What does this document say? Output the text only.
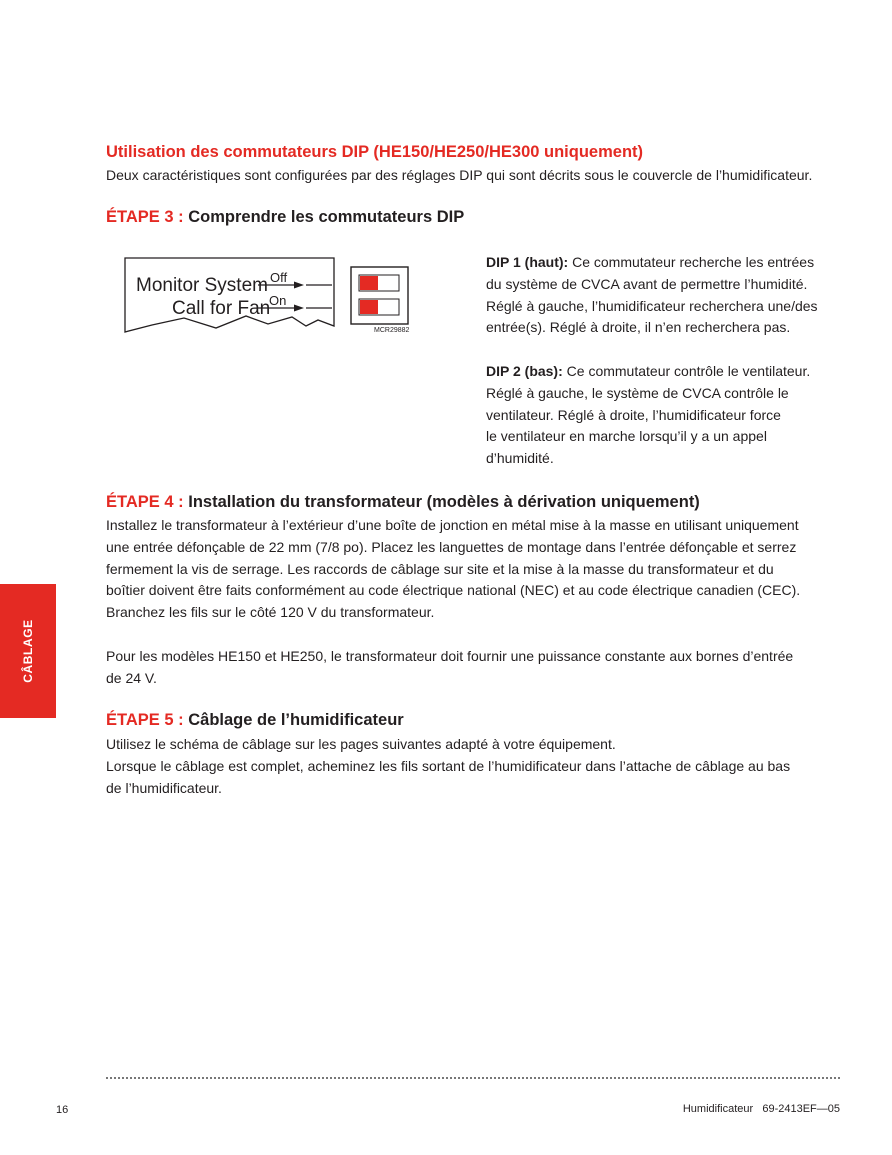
Utilisation des commutateurs DIP (HE150/HE250/HE300 uniquement)
Deux caractéristiques sont configurées par des réglages DIP qui sont décrits sous le couvercle de l’humidificateur.
ÉTAPE 3 : Comprendre les commutateurs DIP
Monitor System
Call for Fan
Off
On
MCR29882
DIP 1 (haut): Ce commutateur recherche les entrées
du système de CVCA avant de permettre l’humidité.
Réglé à gauche, l’humidificateur recherchera une/des
entrée(s). Réglé à droite, il n’en recherchera pas.
DIP 2 (bas): Ce commutateur contrôle le ventilateur.
Réglé à gauche, le système de CVCA contrôle le
ventilateur. Réglé à droite, l’humidificateur force
le ventilateur en marche lorsqu’il y a un appel
d’humidité.
ÉTAPE 4 : Installation du transformateur (modèles à dérivation uniquement)
Installez le transformateur à l’extérieur d’une boîte de jonction en métal mise à la masse en utilisant uniquement
une entrée défonçable de 22 mm (7/8 po). Placez les languettes de montage dans l’entrée défonçable et serrez
fermement la vis de serrage. Les raccords de câblage sur site et la mise à la masse du transformateur et du
boîtier doivent être faits conformément au code électrique national (NEC) et au code électrique canadien (CEC).
Branchez les fils sur le côté 120 V du transformateur.
Pour les modèles HE150 et HE250, le transformateur doit fournir une puissance constante aux bornes d’entrée
de 24 V.
ÉTAPE 5 : Câblage de l’humidificateur
Utilisez le schéma de câblage sur les pages suivantes adapté à votre équipement.
Lorsque le câblage est complet, acheminez les fils sortant de l’humidificateur dans l’attache de câblage au bas
de l’humidificateur.
CÂBLAGE
16	Humidificateur 69-2413EF—05
